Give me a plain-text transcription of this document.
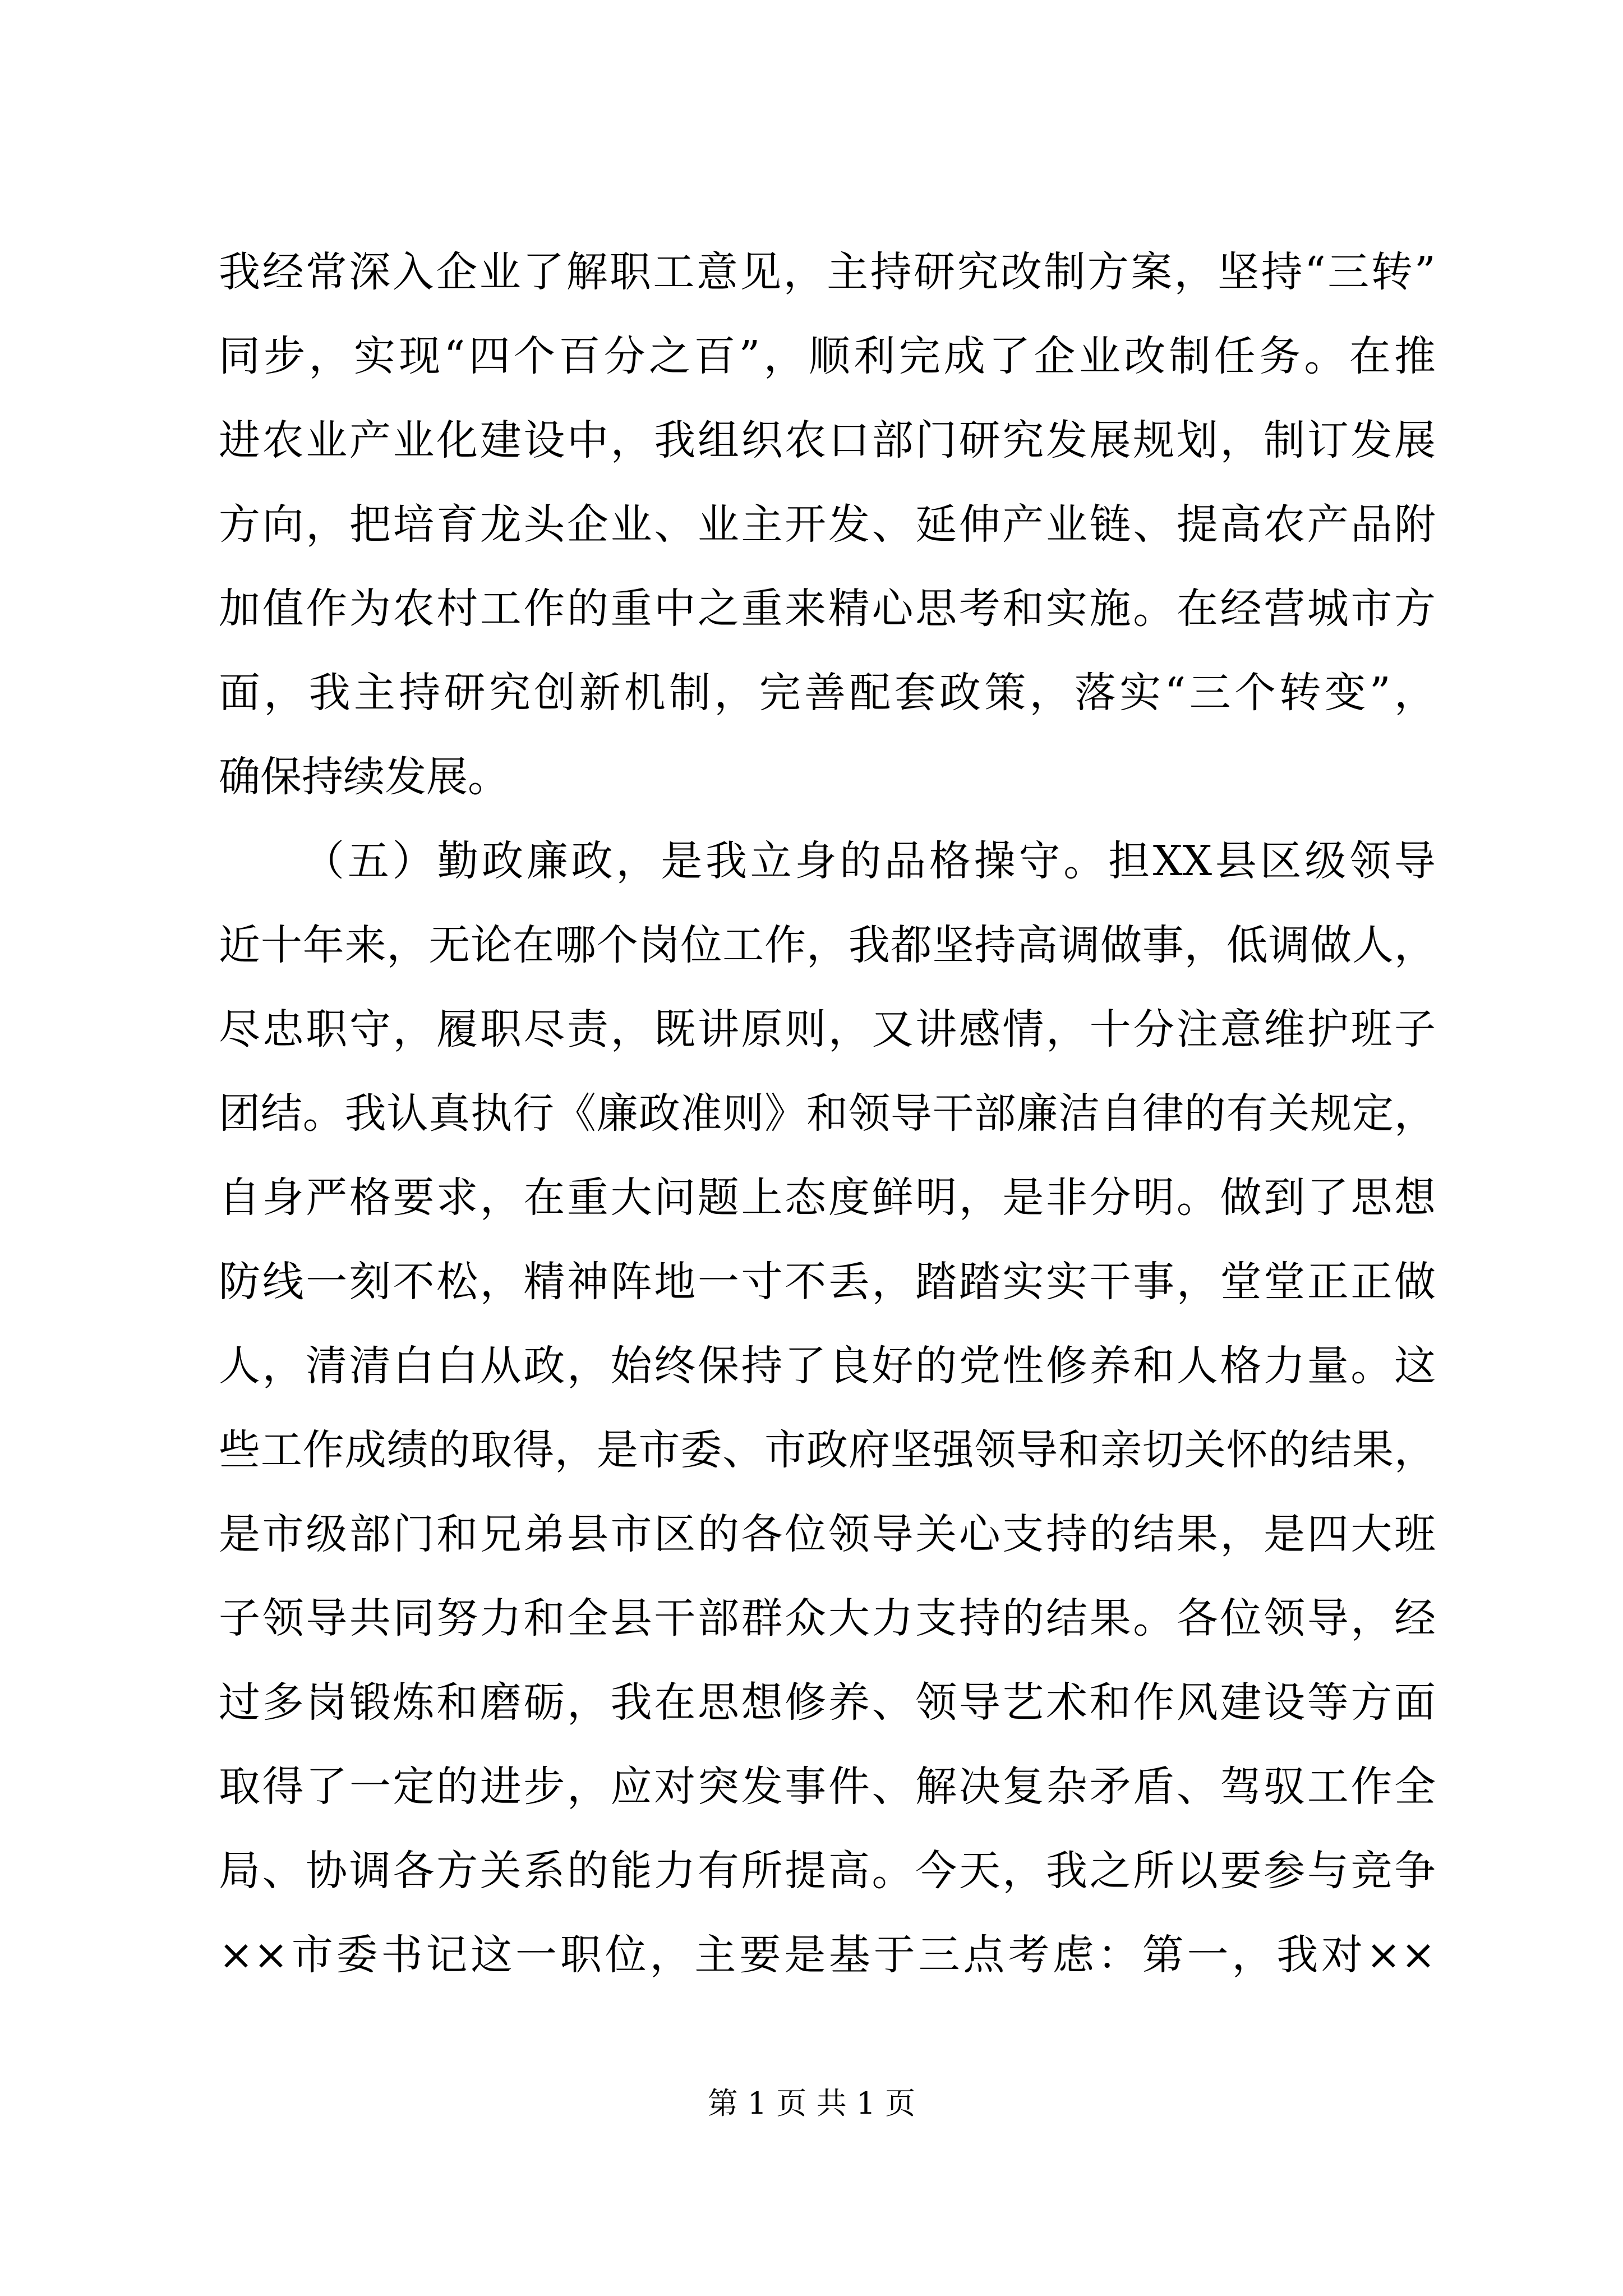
我经常深入企业了解职工意见，主持研究改制方案，坚持“三转”
同步，实现“四个百分之百”，顺利完成了企业改制任务。在推
进农业产业化建设中，我组织农口部门研究发展规划，制订发展
方向，把培育龙头企业、业主开发、延伸产业链、提高农产品附
加值作为农村工作的重中之重来精心思考和实施。在经营城市方
面，我主持研究创新机制，完善配套政策，落实“三个转变”，
确保持续发展。
（五）勤政廉政，是我立身的品格操守。担XX县区级领导
近十年来，无论在哪个岗位工作，我都坚持高调做事，低调做人，
尽忠职守，履职尽责，既讲原则，又讲感情，十分注意维护班子
团结。我认真执行《廉政准则》和领导干部廉洁自律的有关规定，
自身严格要求，在重大问题上态度鲜明，是非分明。做到了思想
防线一刻不松，精神阵地一寸不丢，踏踏实实干事，堂堂正正做
人，清清白白从政，始终保持了良好的党性修养和人格力量。这
些工作成绩的取得，是市委、市政府坚强领导和亲切关怀的结果，
是市级部门和兄弟县市区的各位领导关心支持的结果，是四大班
子领导共同努力和全县干部群众大力支持的结果。各位领导，经
过多岗锻炼和磨砺，我在思想修养、领导艺术和作风建设等方面
取得了一定的进步，应对突发事件、解决复杂矛盾、驾驭工作全
局、协调各方关系的能力有所提高。今天，我之所以要参与竞争
××市委书记这一职位，主要是基于三点考虑：第一，我对××
第 1 页 共 1 页
